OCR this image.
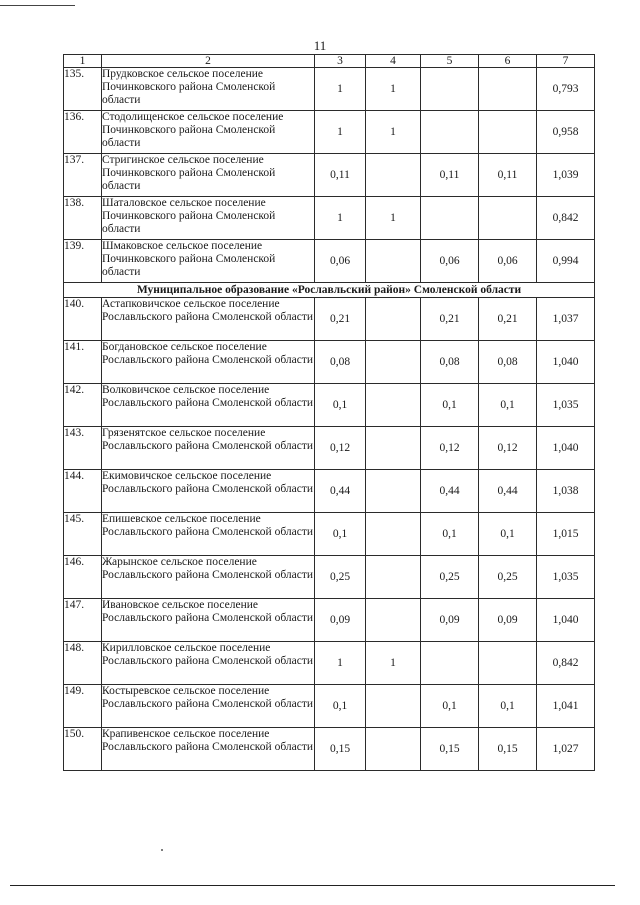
11
1	2	3	4	5	6	7
135.	Прудковское сельское поселение Починковского района Смоленской области	1	1			0,793
136.	Стодолищенское сельское поселение Починковского района Смоленской области	1	1			0,958
137.	Стригинское сельское поселение Починковского района Смоленской области	0,11		0,11	0,11	1,039
138.	Шаталовское сельское поселение Починковского района Смоленской области	1	1			0,842
139.	Шмаковское сельское поселение Починковского района Смоленской области	0,06		0,06	0,06	0,994
Муниципальное образование «Рославльский район» Смоленской области						
140.	Астапковичское сельское поселение Рославльского района Смоленской области	0,21		0,21	0,21	1,037
141.	Богдановское сельское поселение Рославльского района Смоленской области	0,08		0,08	0,08	1,040
142.	Волковичское сельское поселение Рославльского района Смоленской области	0,1		0,1	0,1	1,035
143.	Грязенятское сельское поселение Рославльского района Смоленской области	0,12		0,12	0,12	1,040
144.	Екимовичское сельское поселение Рославльского района Смоленской области	0,44		0,44	0,44	1,038
145.	Епишевское сельское поселение Рославльского района Смоленской области	0,1		0,1	0,1	1,015
146.	Жарынское сельское поселение Рославльского района Смоленской области	0,25		0,25	0,25	1,035
147.	Ивановское сельское поселение Рославльского района Смоленской области	0,09		0,09	0,09	1,040
148.	Кирилловское сельское поселение Рославльского района Смоленской области	1	1			0,842
149.	Костыревское сельское поселение Рославльского района Смоленской области	0,1		0,1	0,1	1,041
150.	Крапивенское сельское поселение Рославльского района Смоленской области	0,15		0,15	0,15	1,027
